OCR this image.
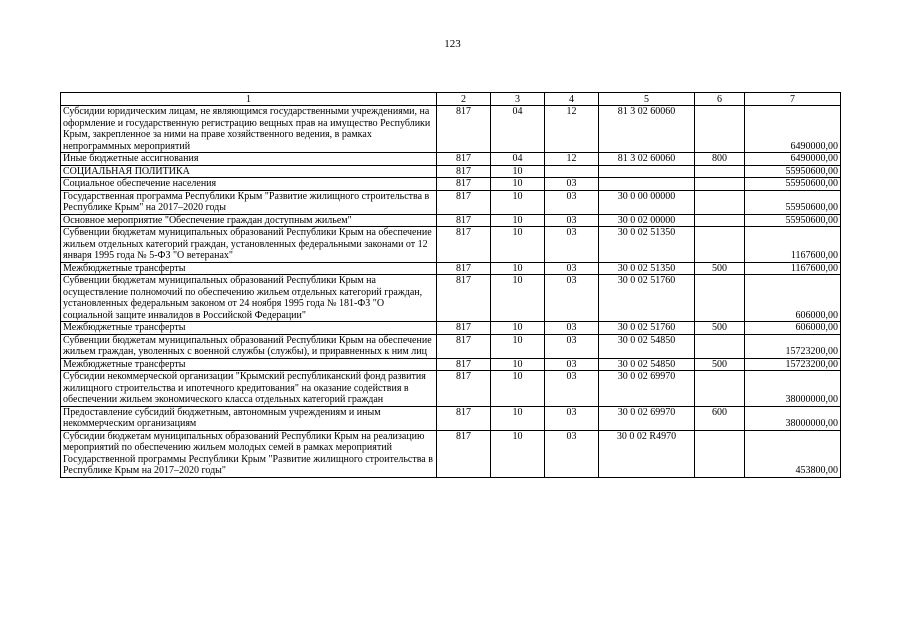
123
1	2	3	4	5	6	7
Субсидии юридическим лицам, не являющимся государственными учреждениями, на оформление и государственную регистрацию вещных прав на имущество Республики Крым, закрепленное за ними на праве хозяйственного ведения, в рамках непрограммных мероприятий	817	04	12	81 3 02 60060		6490000,00
Иные бюджетные ассигнования	817	04	12	81 3 02 60060	800	6490000,00
СОЦИАЛЬНАЯ ПОЛИТИКА	817	10				55950600,00
Социальное обеспечение населения	817	10	03			55950600,00
Государственная программа Республики Крым "Развитие жилищного строительства в Республике Крым" на 2017–2020 годы	817	10	03	30 0 00 00000		55950600,00
Основное мероприятие "Обеспечение граждан доступным жильем"	817	10	03	30 0 02 00000		55950600,00
Субвенции бюджетам муниципальных образований Республики Крым на обеспечение жильем отдельных категорий граждан, установленных федеральными законами от 12 января 1995 года № 5-ФЗ "О ветеранах"	817	10	03	30 0 02 51350		1167600,00
Межбюджетные трансферты	817	10	03	30 0 02 51350	500	1167600,00
Субвенции бюджетам муниципальных образований Республики Крым на осуществление полномочий по обеспечению жильем отдельных категорий граждан, установленных федеральным законом от 24 ноября 1995 года № 181-ФЗ "О социальной защите инвалидов в Российской Федерации"	817	10	03	30 0 02 51760		606000,00
Межбюджетные трансферты	817	10	03	30 0 02 51760	500	606000,00
Субвенции бюджетам муниципальных образований Республики Крым на обеспечение жильем граждан, уволенных с военной службы (службы), и приравненных к ним лиц	817	10	03	30 0 02 54850		15723200,00
Межбюджетные трансферты	817	10	03	30 0 02 54850	500	15723200,00
Субсидии некоммерческой организации "Крымский республиканский фонд развития жилищного строительства и ипотечного кредитования" на оказание содействия в обеспечении жильем экономического класса отдельных категорий граждан	817	10	03	30 0 02 69970		38000000,00
Предоставление субсидий бюджетным, автономным учреждениям и иным некоммерческим организациям	817	10	03	30 0 02 69970	600	38000000,00
Субсидии бюджетам муниципальных образований Республики Крым на реализацию мероприятий по обеспечению жильем молодых семей в рамках мероприятий Государственной программы Республики Крым "Развитие жилищного строительства в Республике Крым на 2017–2020 годы"	817	10	03	30 0 02 R4970		453800,00
